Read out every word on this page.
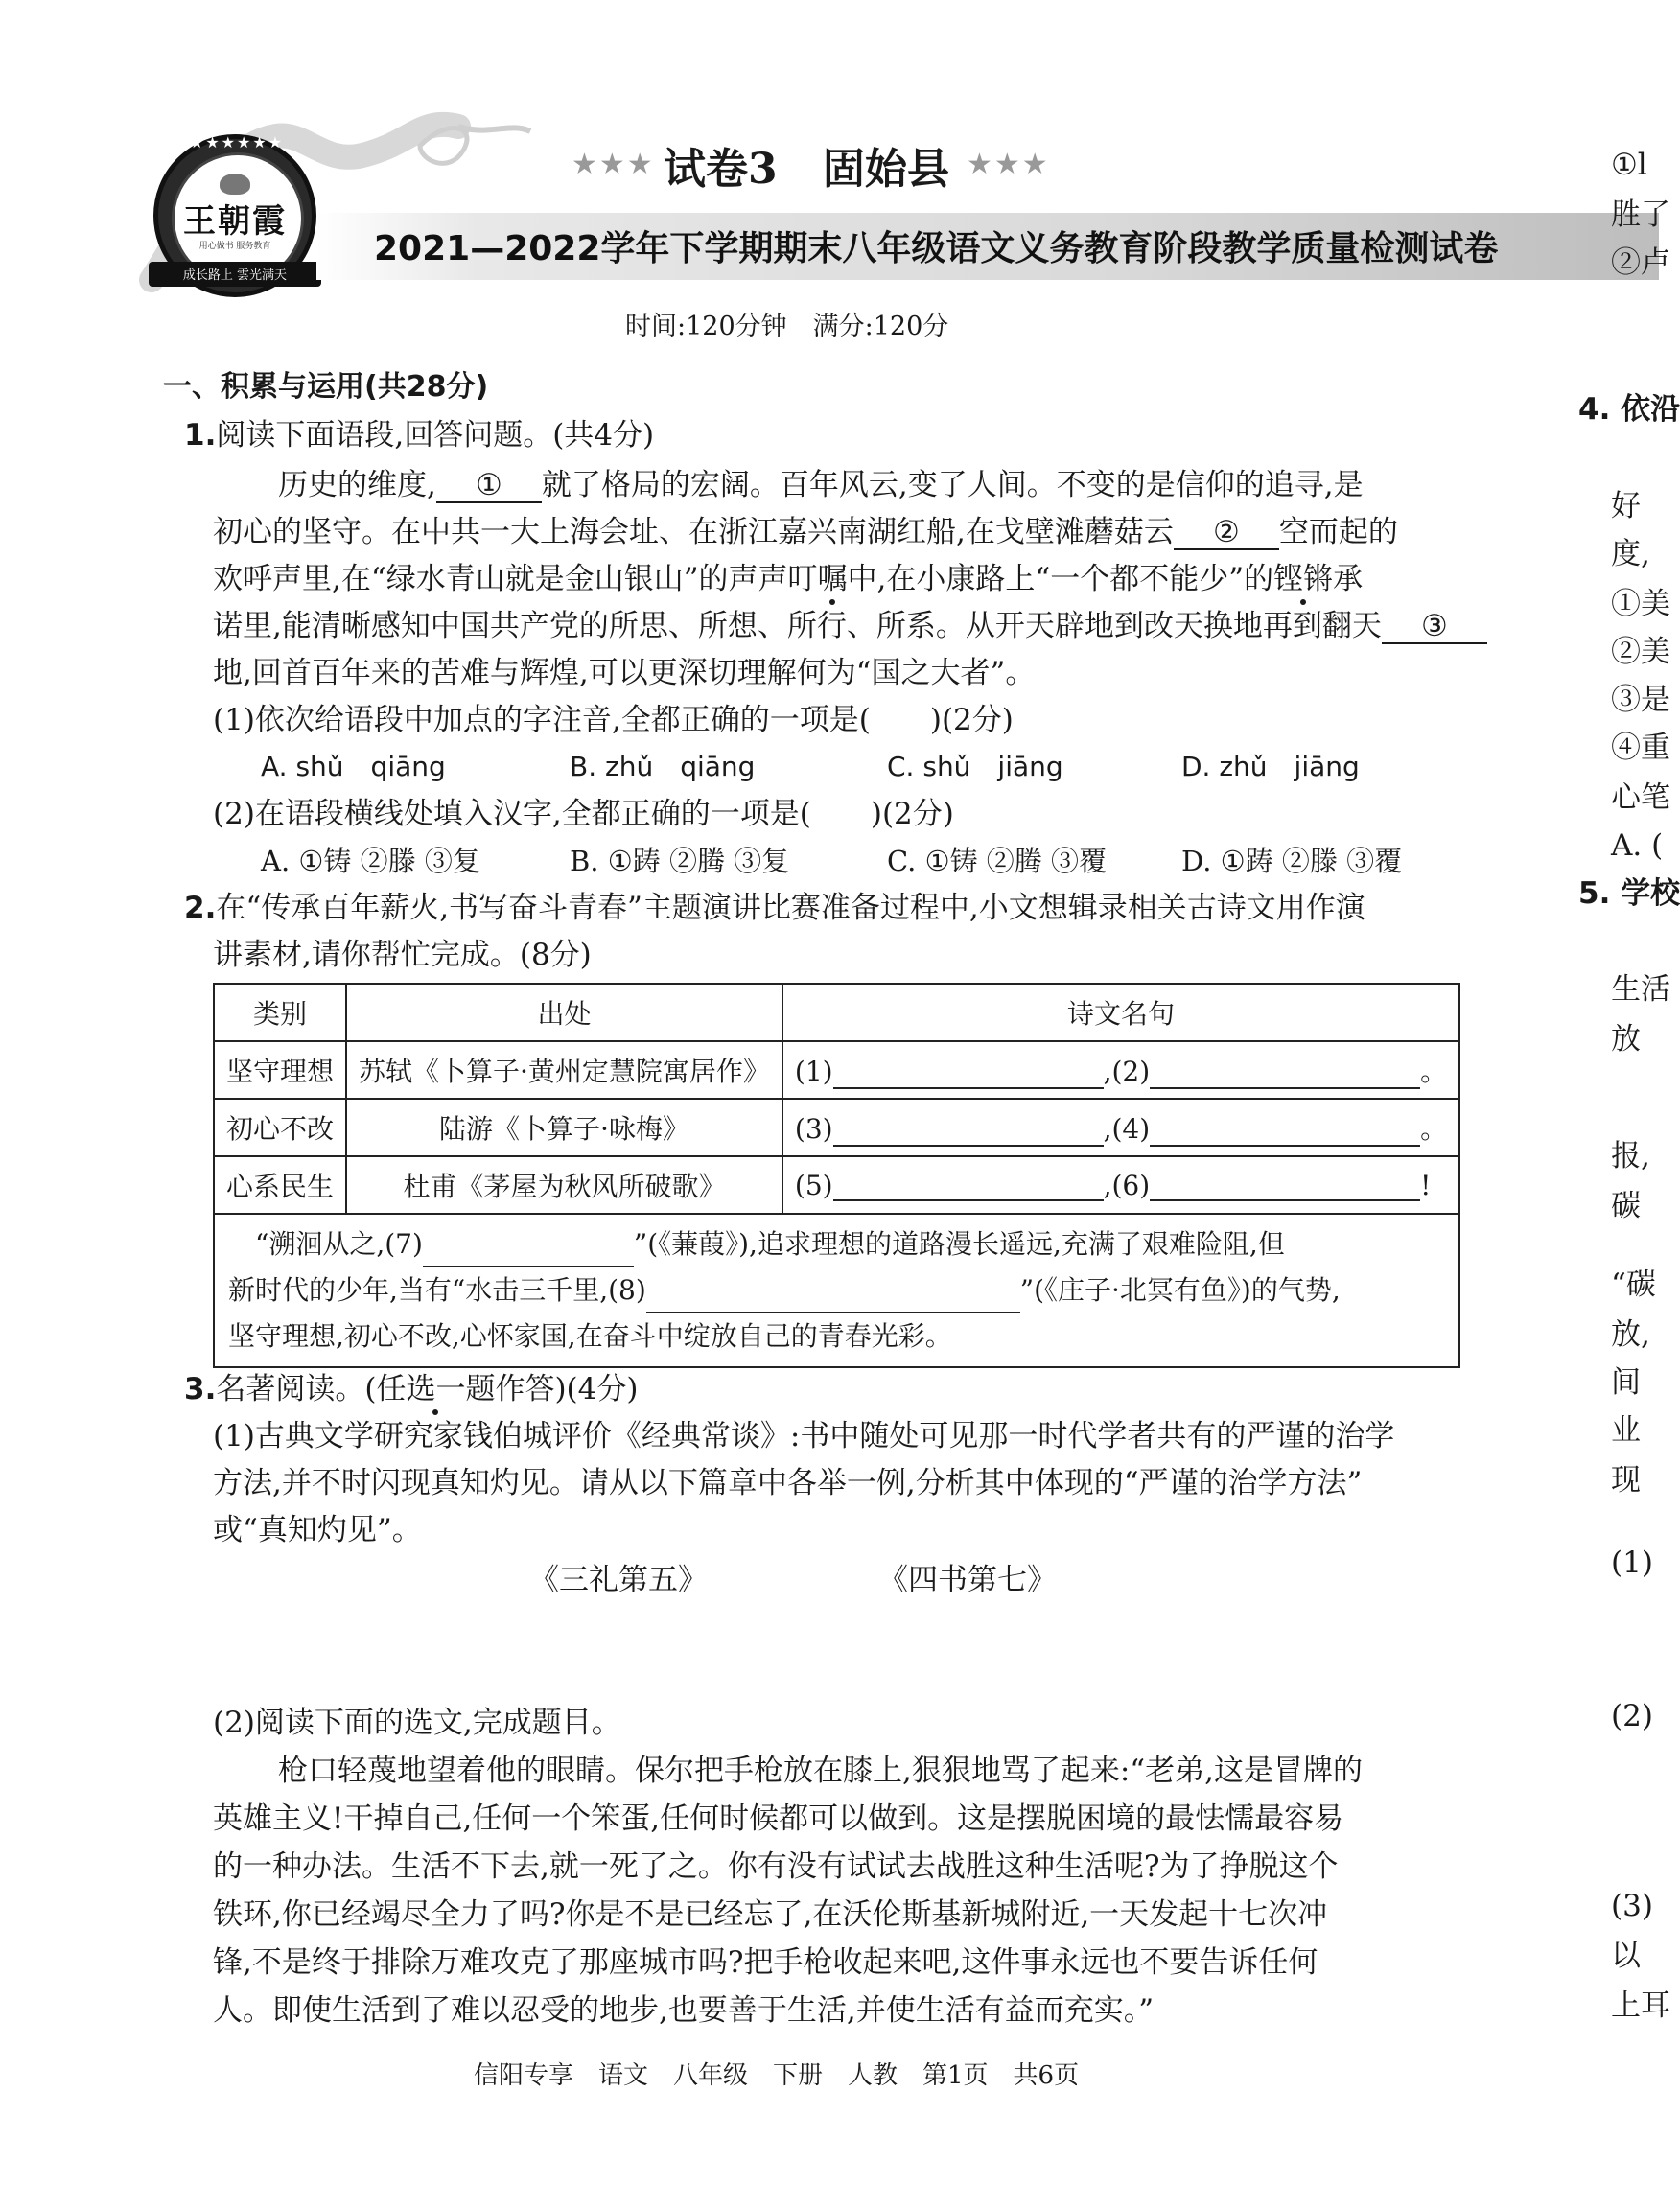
★★★★★★
王朝霞
用心做书 服务教育
成长路上 雲光满天
★★★ 试卷3 固始县 ★★★
2021—2022学年下学期期末八年级语文义务教育阶段教学质量检测试卷
时间:120分钟　满分:120分
一、积累与运用(共28分)
1.阅读下面语段,回答问题。(共4分)
历史的维度, ① 就了格局的宏阔。百年风云,变了人间。不变的是信仰的追寻,是
初心的坚守。在中共一大上海会址、在浙江嘉兴南湖红船,在戈壁滩蘑菇云 ② 空而起的
欢呼声里,在“绿水青山就是金山银山”的声声叮嘱中,在小康路上“一个都不能少”的铿锵承
诺里,能清晰感知中国共产党的所思、所想、所行、所系。从开天辟地到改天换地再到翻天 ③
地,回首百年来的苦难与辉煌,可以更深切理解何为“国之大者”。
(1)依次给语段中加点的字注音,全都正确的一项是(　　)(2分)
A. shǔ　qiāng	B. zhǔ　qiāng	C. shǔ　jiāng	D. zhǔ　jiāng
(2)在语段横线处填入汉字,全都正确的一项是(　　)(2分)
A. ①铸 ②滕 ③复	B. ①踌 ②腾 ③复	C. ①铸 ②腾 ③覆	D. ①踌 ②滕 ③覆
2.在“传承百年薪火,书写奋斗青春”主题演讲比赛准备过程中,小文想辑录相关古诗文用作演
讲素材,请你帮忙完成。(8分)
类别	出处	诗文名句
坚守理想	苏轼《卜算子·黄州定慧院寓居作》	(1) ,(2) 。
初心不改	陆游《卜算子·咏梅》	(3) ,(4) 。
心系民生	杜甫《茅屋为秋风所破歌》	(5) ,(6) !

“溯洄从之,(7) ”(《蒹葭》),追求理想的道路漫长遥远,充满了艰难险阻,但
新时代的少年,当有“水击三千里,(8) ”(《庄子·北冥有鱼》)的气势,
坚守理想,初心不改,心怀家国,在奋斗中绽放自己的青春光彩。		
3.名著阅读。(任选一题作答)(4分)
(1)古典文学研究家钱伯城评价《经典常谈》:书中随处可见那一时代学者共有的严谨的治学
方法,并不时闪现真知灼见。请从以下篇章中各举一例,分析其中体现的“严谨的治学方法”
或“真知灼见”。
《三礼第五》	《四书第七》
(2)阅读下面的选文,完成题目。
枪口轻蔑地望着他的眼睛。保尔把手枪放在膝上,狠狠地骂了起来:“老弟,这是冒牌的
英雄主义!干掉自己,任何一个笨蛋,任何时候都可以做到。这是摆脱困境的最怯懦最容易
的一种办法。生活不下去,就一死了之。你有没有试试去战胜这种生活呢?为了挣脱这个
铁环,你已经竭尽全力了吗?你是不是已经忘了,在沃伦斯基新城附近,一天发起十七次冲
锋,不是终于排除万难攻克了那座城市吗?把手枪收起来吧,这件事永远也不要告诉任何
人。即使生活到了难以忍受的地步,也要善于生活,并使生活有益而充实。”
信阳专享　语文　八年级　下册　人教　第1页　共6页
①l
胜了
②卢
4. 依沿
好
度,
①美
②美
③是
④重
心笔
A. (
5. 学校
生活
放
报,
碳
“碳
放,
间
业
现
(1)
(2)
(3)
以
上耳
